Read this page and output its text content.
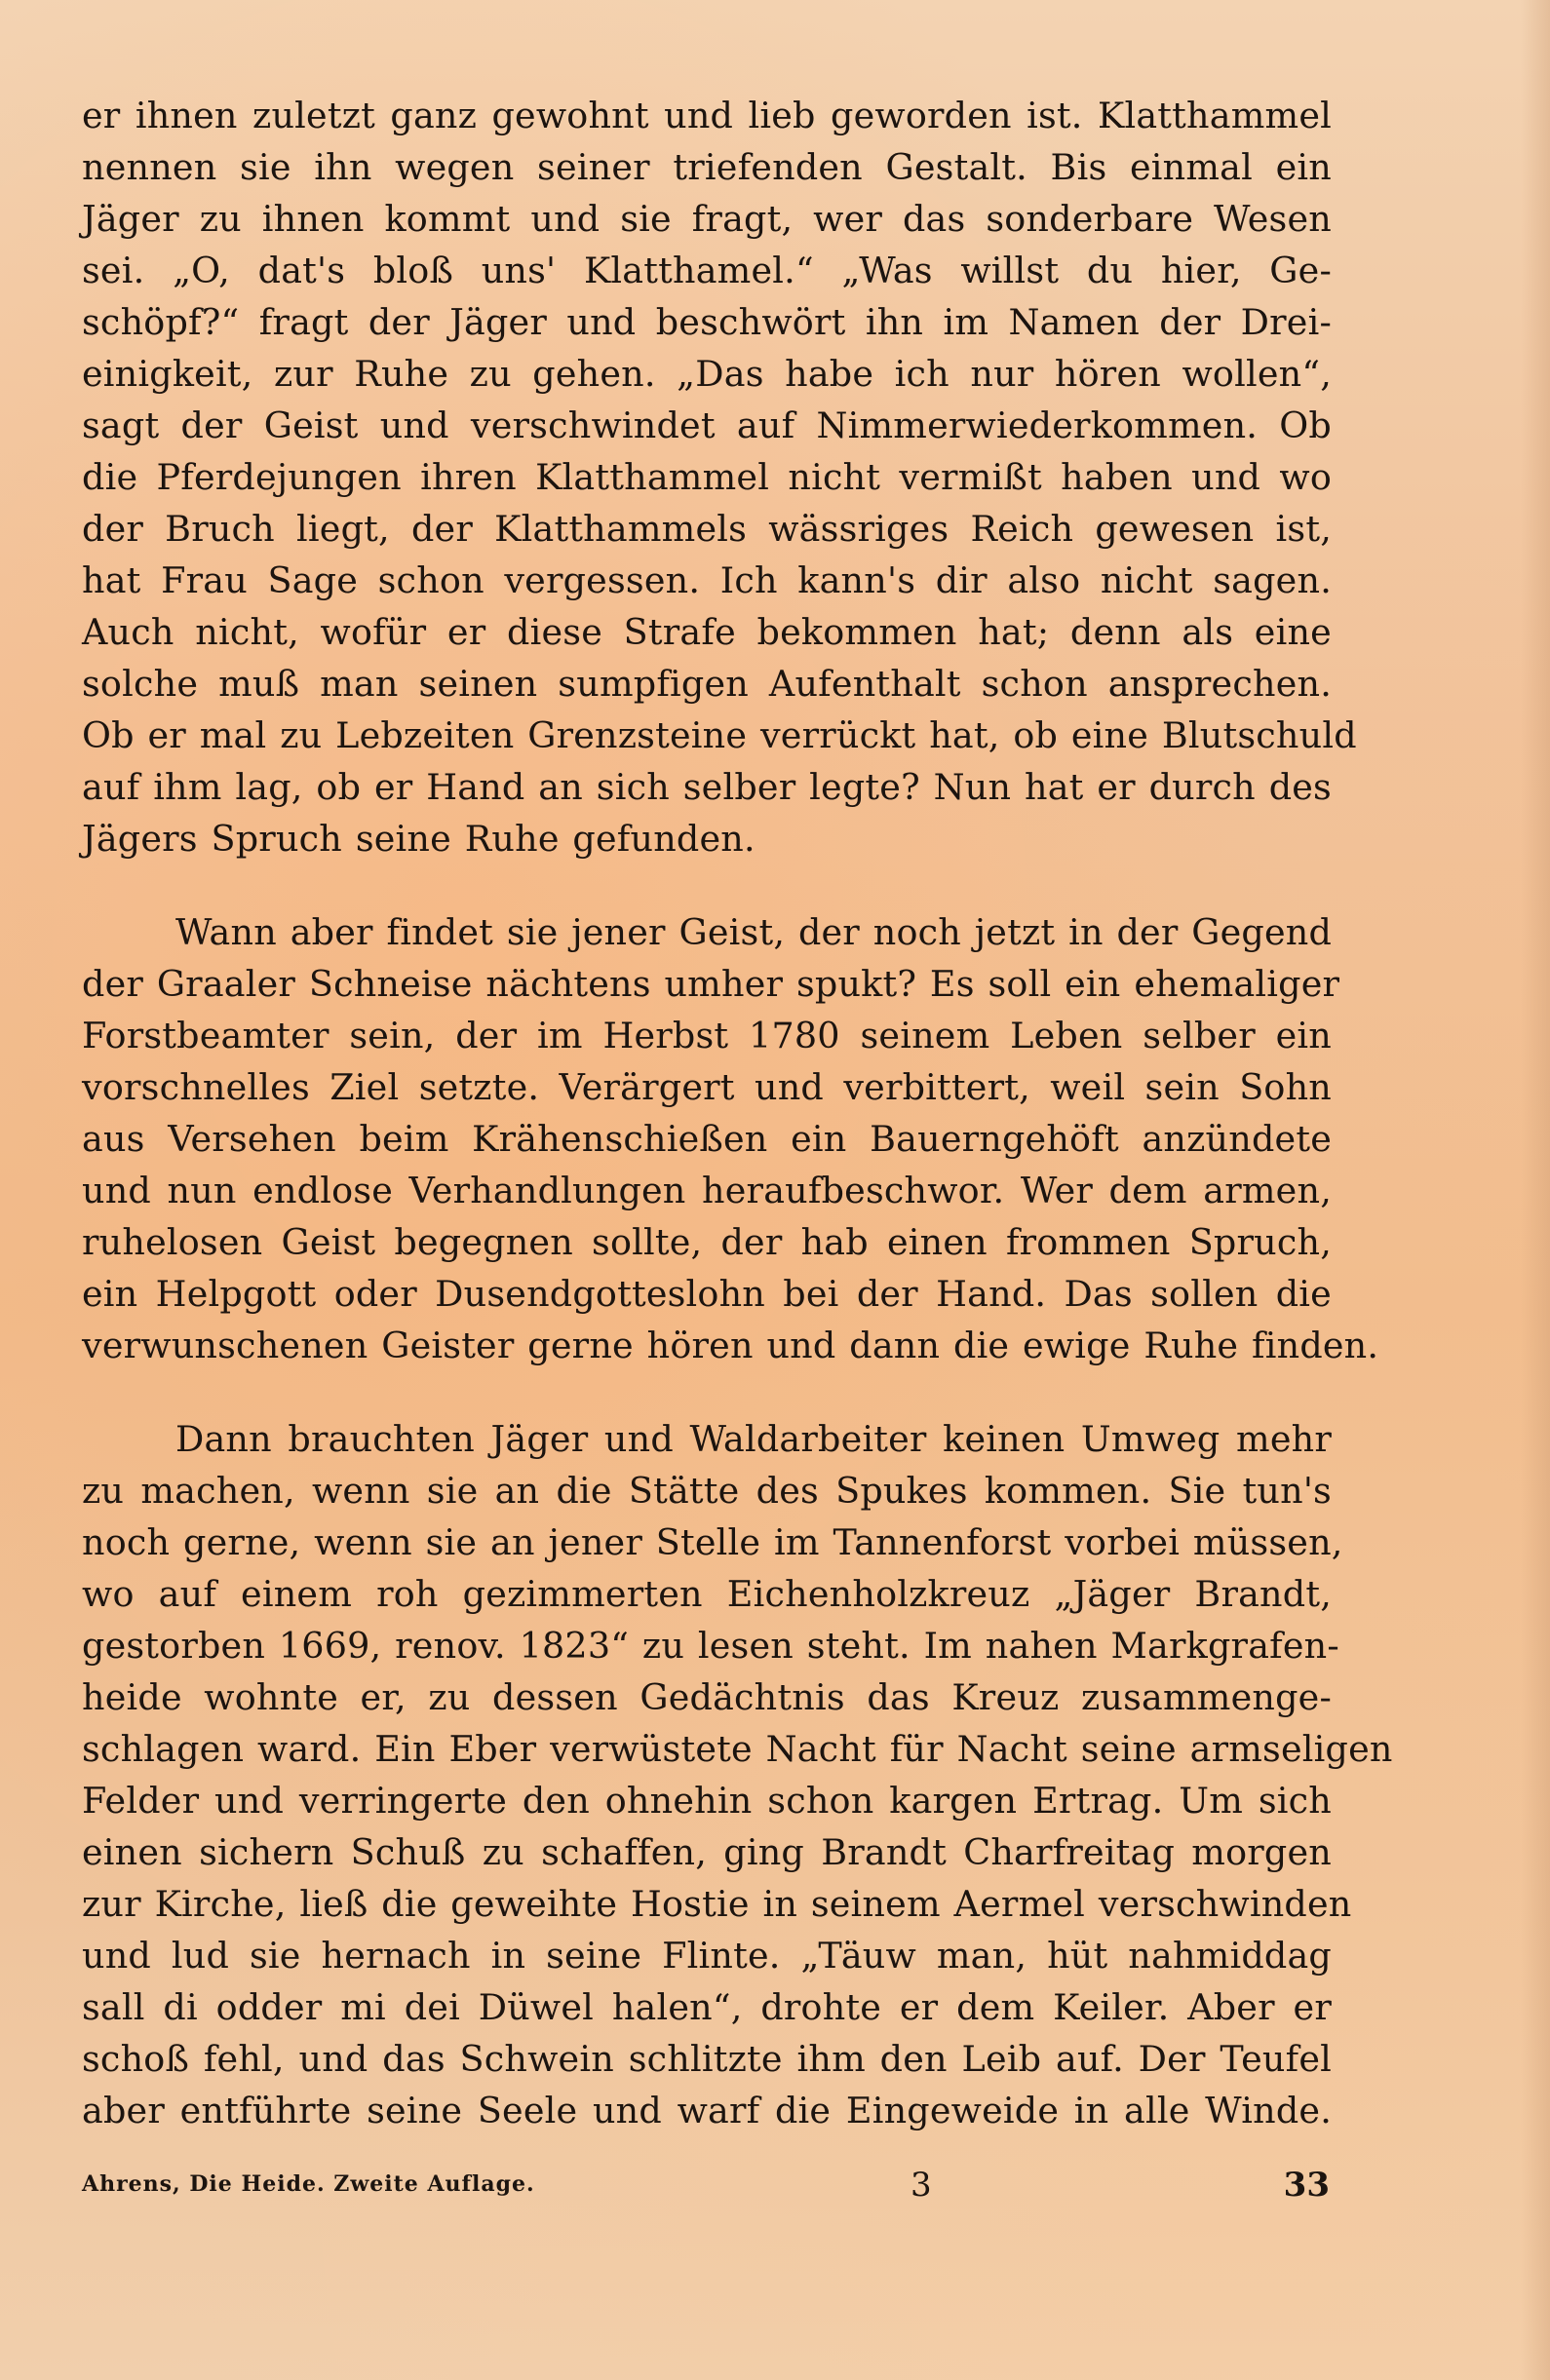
er ihnen zuletzt ganz gewohnt und lieb geworden ist. Klatthammel
nennen sie ihn wegen seiner triefenden Gestalt. Bis einmal ein
Jäger zu ihnen kommt und sie fragt, wer das sonderbare Wesen
sei. „O, dat's bloß uns' Klatthamel.“ „Was willst du hier, Ge-
schöpf?“ fragt der Jäger und beschwört ihn im Namen der Drei-
einigkeit, zur Ruhe zu gehen. „Das habe ich nur hören wollen“,
sagt der Geist und verschwindet auf Nimmerwiederkommen. Ob
die Pferdejungen ihren Klatthammel nicht vermißt haben und wo
der Bruch liegt, der Klatthammels wässriges Reich gewesen ist,
hat Frau Sage schon vergessen. Ich kann's dir also nicht sagen.
Auch nicht, wofür er diese Strafe bekommen hat; denn als eine
solche muß man seinen sumpfigen Aufenthalt schon ansprechen.
Ob er mal zu Lebzeiten Grenzsteine verrückt hat, ob eine Blutschuld
auf ihm lag, ob er Hand an sich selber legte? Nun hat er durch des
Jägers Spruch seine Ruhe gefunden.

Wann aber findet sie jener Geist, der noch jetzt in der Gegend
der Graaler Schneise nächtens umher spukt? Es soll ein ehemaliger
Forstbeamter sein, der im Herbst 1780 seinem Leben selber ein
vorschnelles Ziel setzte. Verärgert und verbittert, weil sein Sohn
aus Versehen beim Krähenschießen ein Bauerngehöft anzündete
und nun endlose Verhandlungen heraufbeschwor. Wer dem armen,
ruhelosen Geist begegnen sollte, der hab einen frommen Spruch,
ein Helpgott oder Dusendgotteslohn bei der Hand. Das sollen die
verwunschenen Geister gerne hören und dann die ewige Ruhe finden.

Dann brauchten Jäger und Waldarbeiter keinen Umweg mehr
zu machen, wenn sie an die Stätte des Spukes kommen. Sie tun's
noch gerne, wenn sie an jener Stelle im Tannenforst vorbei müssen,
wo auf einem roh gezimmerten Eichenholzkreuz „Jäger Brandt,
gestorben 1669, renov. 1823“ zu lesen steht. Im nahen Markgrafen-
heide wohnte er, zu dessen Gedächtnis das Kreuz zusammenge-
schlagen ward. Ein Eber verwüstete Nacht für Nacht seine armseligen
Felder und verringerte den ohnehin schon kargen Ertrag. Um sich
einen sichern Schuß zu schaffen, ging Brandt Charfreitag morgen
zur Kirche, ließ die geweihte Hostie in seinem Aermel verschwinden
und lud sie hernach in seine Flinte. „Täuw man, hüt nahmiddag
sall di odder mi dei Düwel halen“, drohte er dem Keiler. Aber er
schoß fehl, und das Schwein schlitzte ihm den Leib auf. Der Teufel
aber entführte seine Seele und warf die Eingeweide in alle Winde.

Ahrens, Die Heide. Zweite Auflage.	3	33
